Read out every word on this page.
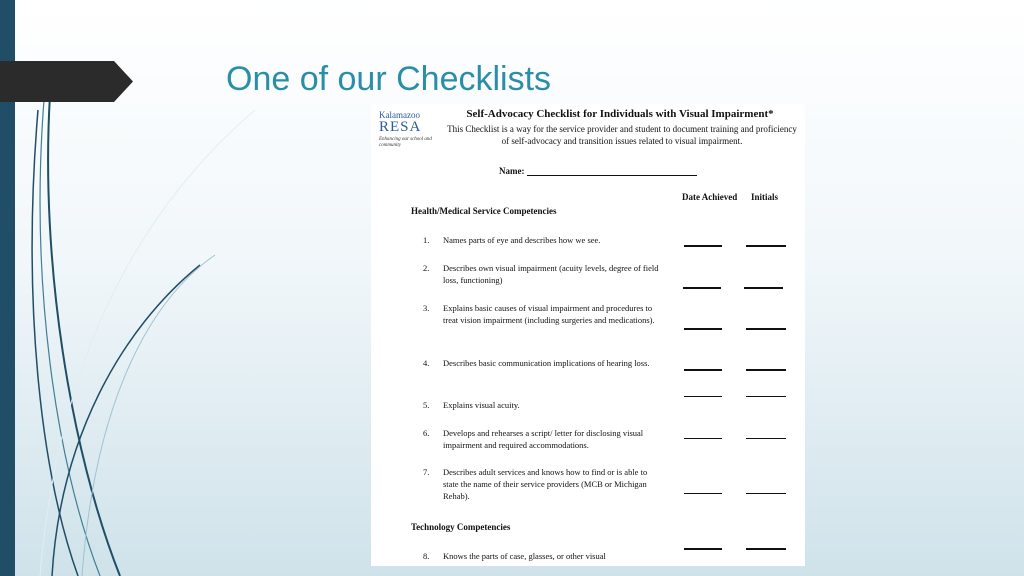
One of our Checklists
Kalamazoo
RESA
Enhancing our school and community

Self-Advocacy Checklist for Individuals with Visual Impairment*

This Checklist is a way for the service provider and student to document training and proficiency of self-advocacy and transition issues related to visual impairment.

Name:
Date Achieved Initials
Health/Medical Service Competencies
1.	Names parts of eye and describes how we see.
2.	Describes own visual impairment (acuity levels, degree of field loss, functioning)
3.	Explains basic causes of visual impairment and procedures to treat vision impairment (including surgeries and medications).
4.	Describes basic communication implications of hearing loss.
5.	Explains visual acuity.
6.	Develops and rehearses a script/ letter for disclosing visual impairment and required accommodations.
7.	Describes adult services and knows how to find or is able to state the name of their service providers (MCB or Michigan Rehab).
Technology Competencies
8.	Knows the parts of case, glasses, or other visual
